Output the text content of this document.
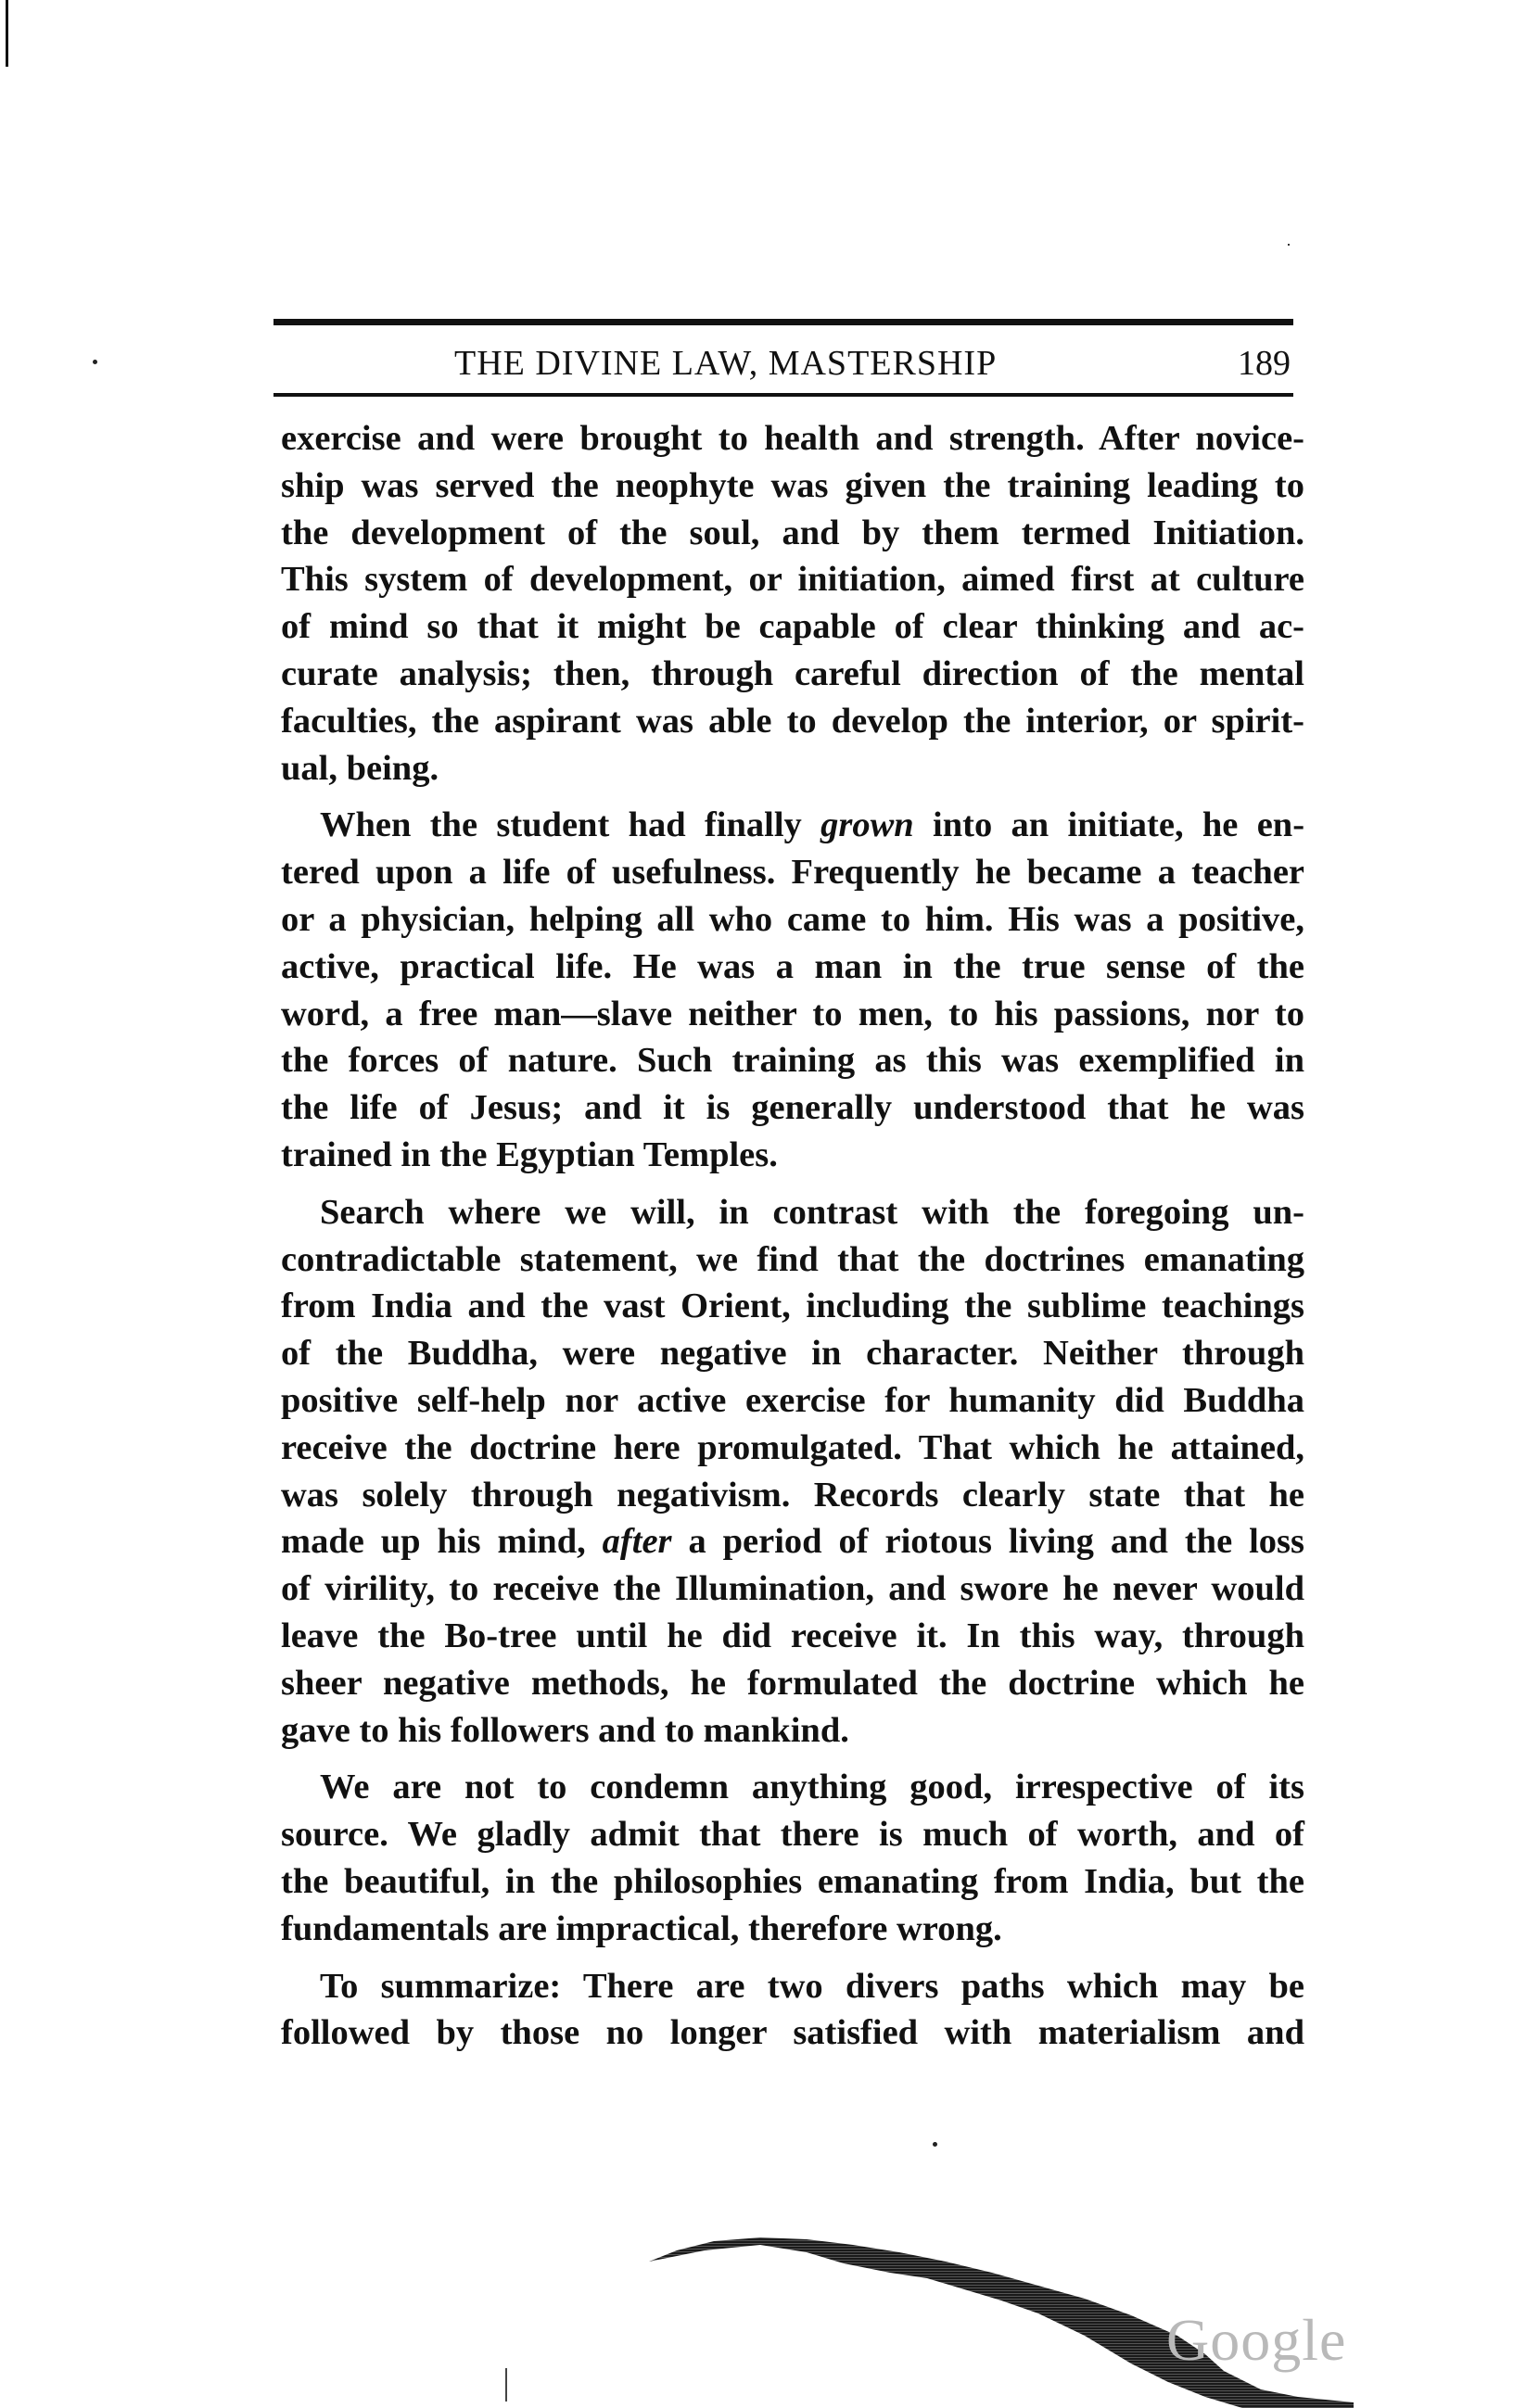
THE DIVINE LAW, MASTERSHIP	189

exercise and were brought to health and strength. After novice-
ship was served the neophyte was given the training leading to
the development of the soul, and by them termed Initiation.
This system of development, or initiation, aimed first at culture
of mind so that it might be capable of clear thinking and ac-
curate analysis; then, through careful direction of the mental
faculties, the aspirant was able to develop the interior, or spirit-
ual, being.

When the student had finally grown into an initiate, he en-
tered upon a life of usefulness. Frequently he became a teacher
or a physician, helping all who came to him. His was a positive,
active, practical life. He was a man in the true sense of the
word, a free man—slave neither to men, to his passions, nor to
the forces of nature. Such training as this was exemplified in
the life of Jesus; and it is generally understood that he was
trained in the Egyptian Temples.

Search where we will, in contrast with the foregoing un-
contradictable statement, we find that the doctrines emanating
from India and the vast Orient, including the sublime teachings
of the Buddha, were negative in character. Neither through
positive self-help nor active exercise for humanity did Buddha
receive the doctrine here promulgated. That which he attained,
was solely through negativism. Records clearly state that he
made up his mind, after a period of riotous living and the loss
of virility, to receive the Illumination, and swore he never would
leave the Bo-tree until he did receive it. In this way, through
sheer negative methods, he formulated the doctrine which he
gave to his followers and to mankind.

We are not to condemn anything good, irrespective of its
source. We gladly admit that there is much of worth, and of
the beautiful, in the philosophies emanating from India, but the
fundamentals are impractical, therefore wrong.

To summarize: There are two divers paths which may be
followed by those no longer satisfied with materialism and

Google
